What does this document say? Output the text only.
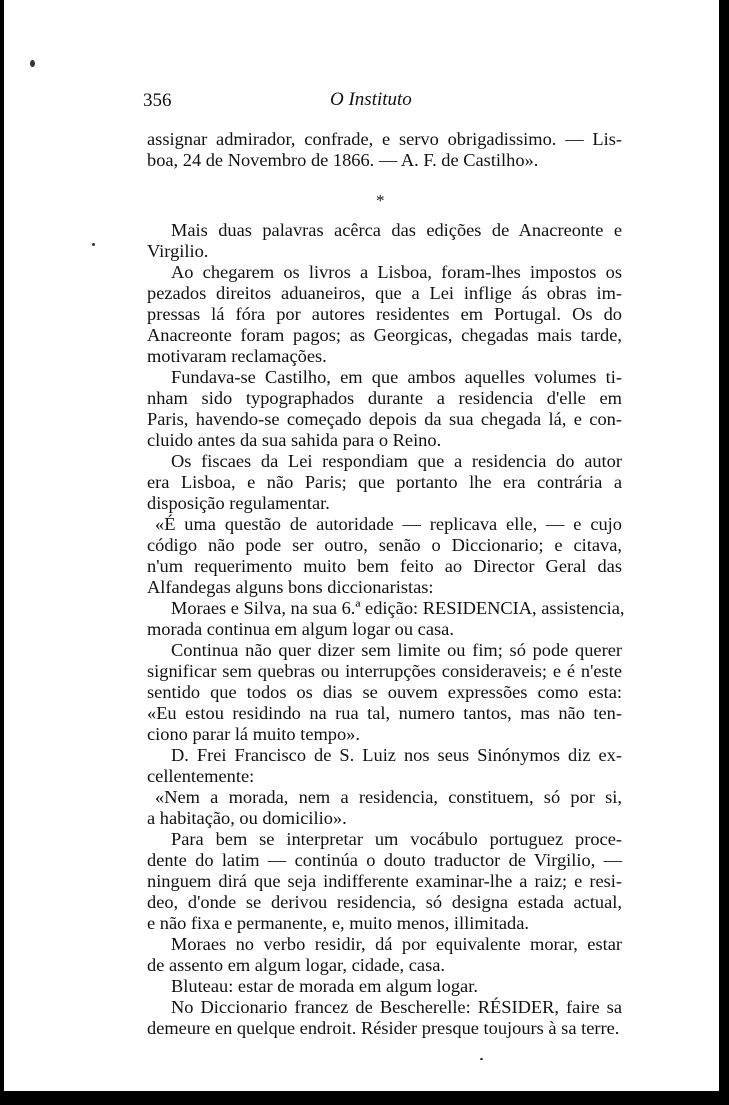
356	O Instituto
assignar admirador, confrade, e servo obrigadissimo. — Lis-
boa, 24 de Novembro de 1866. — A. F. de Castilho».
*
Mais duas palavras acêrca das edições de Anacreonte e
Virgilio.
Ao chegarem os livros a Lisboa, foram-lhes impostos os
pezados direitos aduaneiros, que a Lei inflige ás obras im-
pressas lá fóra por autores residentes em Portugal. Os do
Anacreonte foram pagos; as Georgicas, chegadas mais tarde,
motivaram reclamações.
Fundava-se Castilho, em que ambos aquelles volumes ti-
nham sido typographados durante a residencia d'elle em
Paris, havendo-se começado depois da sua chegada lá, e con-
cluido antes da sua sahida para o Reino.
Os fiscaes da Lei respondiam que a residencia do autor
era Lisboa, e não Paris; que portanto lhe era contrária a
disposição regulamentar.
«É uma questão de autoridade — replicava elle, — e cujo
código não pode ser outro, senão o Diccionario; e citava,
n'um requerimento muito bem feito ao Director Geral das
Alfandegas alguns bons diccionaristas:
Moraes e Silva, na sua 6.ª edição: RESIDENCIA, assistencia,
morada continua em algum logar ou casa.
Continua não quer dizer sem limite ou fim; só pode querer
significar sem quebras ou interrupções consideraveis; e é n'este
sentido que todos os dias se ouvem expressões como esta:
«Eu estou residindo na rua tal, numero tantos, mas não ten-
ciono parar lá muito tempo».
D. Frei Francisco de S. Luiz nos seus Sinónymos diz ex-
cellentemente:
«Nem a morada, nem a residencia, constituem, só por si,
a habitação, ou domicilio».
Para bem se interpretar um vocábulo portuguez proce-
dente do latim — continúa o douto traductor de Virgilio, —
ninguem dirá que seja indifferente examinar-lhe a raiz; e resi-
deo, d'onde se derivou residencia, só designa estada actual,
e não fixa e permanente, e, muito menos, illimitada.
Moraes no verbo residir, dá por equivalente morar, estar
de assento em algum logar, cidade, casa.
Bluteau: estar de morada em algum logar.
No Diccionario francez de Bescherelle: RÉSIDER, faire sa
demeure en quelque endroit. Résider presque toujours à sa terre.
